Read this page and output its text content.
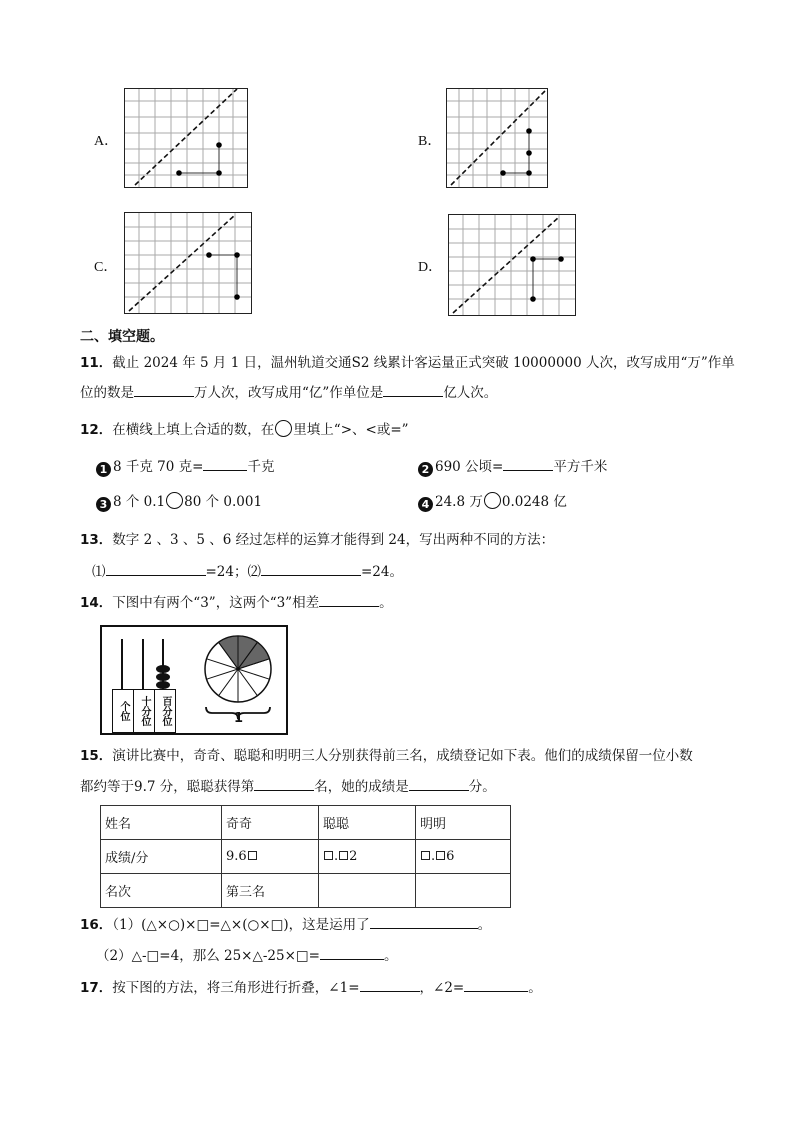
A．	B．
C．	D．
二、填空题。
11．截止 2024 年 5 月 1 日，温州轨道交通S2 线累计客运量正式突破 10000000 人次，改写成用“万”作单
位的数是	万人次，改写成用“亿”作单位是	亿人次。
12．在横线上填上合适的数，在 里填上“>、<或=”
1 8 千克 70 克=	千克	2 690 公顷=	平方千米
3 8 个 0.1 80 个 0.001	4 24.8 万 0.0248 亿
13．数字 2 、3 、5 、6 经过怎样的运算才能得到 24，写出两种不同的方法：
⑴	=24；⑵	=24。
14．下图中有两个“3”，这两个“3”相差	。
个位	十分位	百分位	1
15．演讲比赛中，奇奇、聪聪和明明三人分别获得前三名，成绩登记如下表。他们的成绩保留一位小数
都约等于9.7 分，聪聪获得第	名，她的成绩是	分。
姓名	奇奇	聪聪	明明
成绩/分	9.6	. 2	. 6
名次	第三名		
16．（1）(△×○)×□=△×(○×□)，这是运用了	。
（2）△-□=4，那么 25×△-25×□=	。
17．按下图的方法，将三角形进行折叠，∠1=	，∠2=	。
